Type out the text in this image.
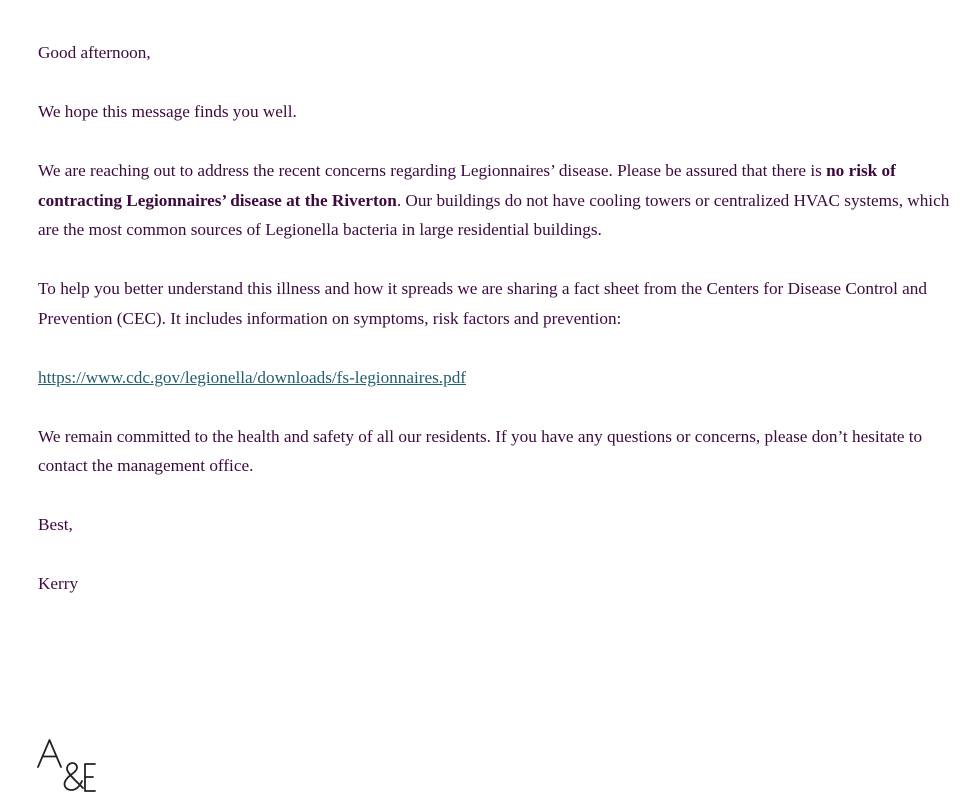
Good afternoon,

We hope this message finds you well.

We are reaching out to address the recent concerns regarding Legionnaires’ disease. Please be assured that there is no risk of contracting Legionnaires’ disease at the Riverton. Our buildings do not have cooling towers or centralized HVAC systems, which are the most common sources of Legionella bacteria in large residential buildings.

To help you better understand this illness and how it spreads we are sharing a fact sheet from the Centers for Disease Control and Prevention (CEC). It includes information on symptoms, risk factors and prevention:

https://www.cdc.gov/legionella/downloads/fs-legionnaires.pdf

We remain committed to the health and safety of all our residents. If you have any questions or concerns, please don’t hesitate to contact the management office.

Best,

Kerry
